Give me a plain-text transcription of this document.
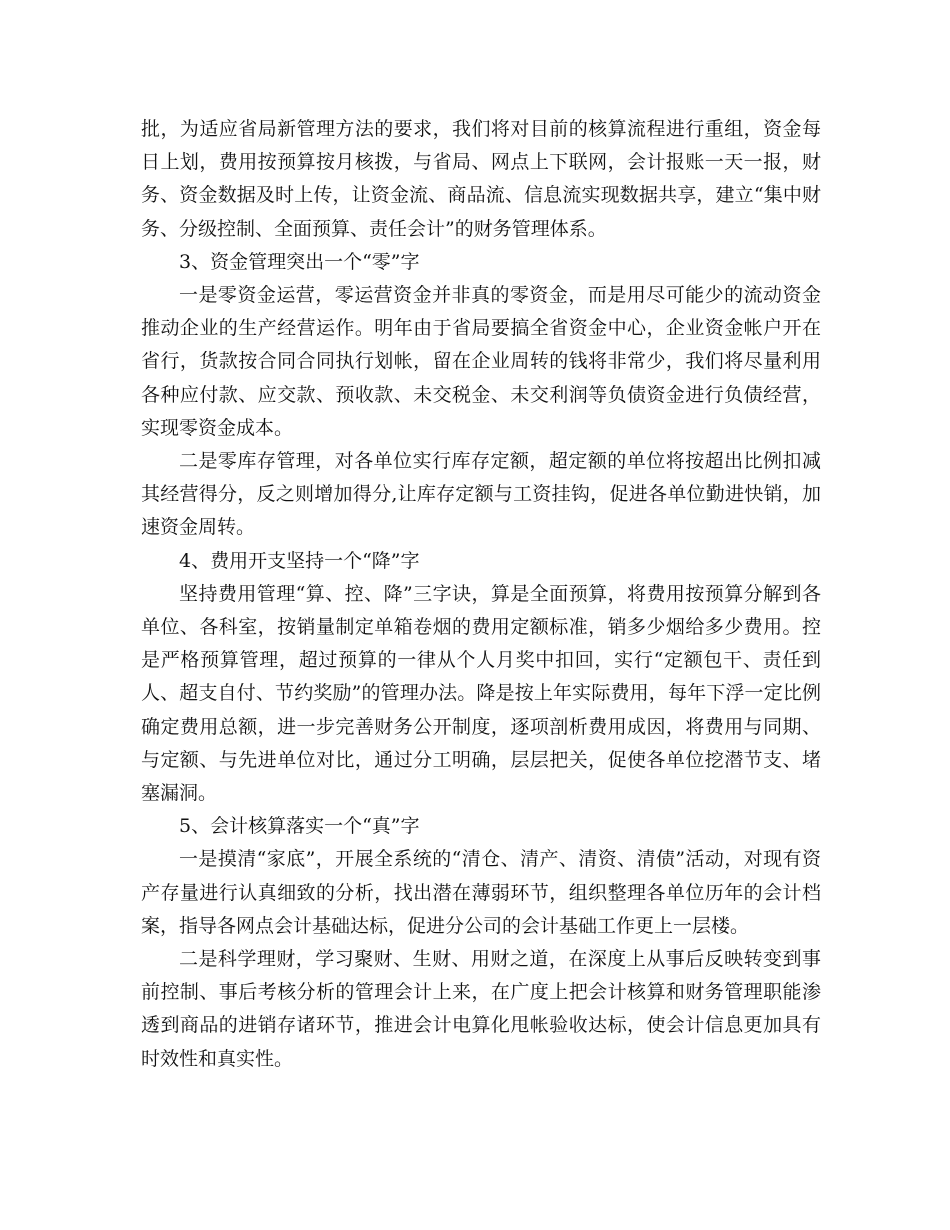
批，为适应省局新管理方法的要求，我们将对目前的核算流程进行重组，资金每日上划，费用按预算按月核拨，与省局、网点上下联网，会计报账一天一报，财务、资金数据及时上传，让资金流、商品流、信息流实现数据共享，建立“集中财务、分级控制、全面预算、责任会计”的财务管理体系。

3、资金管理突出一个“零”字

一是零资金运营，零运营资金并非真的零资金，而是用尽可能少的流动资金推动企业的生产经营运作。明年由于省局要搞全省资金中心，企业资金帐户开在省行，货款按合同合同执行划帐，留在企业周转的钱将非常少，我们将尽量利用各种应付款、应交款、预收款、未交税金、未交利润等负债资金进行负债经营，实现零资金成本。

二是零库存管理，对各单位实行库存定额，超定额的单位将按超出比例扣减其经营得分，反之则增加得分,让库存定额与工资挂钩，促进各单位勤进快销，加速资金周转。

4、费用开支坚持一个“降”字

坚持费用管理“算、控、降”三字诀，算是全面预算，将费用按预算分解到各单位、各科室，按销量制定单箱卷烟的费用定额标准，销多少烟给多少费用。控是严格预算管理，超过预算的一律从个人月奖中扣回，实行“定额包干、责任到人、超支自付、节约奖励”的管理办法。降是按上年实际费用，每年下浮一定比例确定费用总额，进一步完善财务公开制度，逐项剖析费用成因，将费用与同期、与定额、与先进单位对比，通过分工明确，层层把关，促使各单位挖潜节支、堵塞漏洞。

5、会计核算落实一个“真”字

一是摸清“家底”，开展全系统的“清仓、清产、清资、清债”活动，对现有资产存量进行认真细致的分析，找出潜在薄弱环节，组织整理各单位历年的会计档案，指导各网点会计基础达标，促进分公司的会计基础工作更上一层楼。

二是科学理财，学习聚财、生财、用财之道，在深度上从事后反映转变到事前控制、事后考核分析的管理会计上来，在广度上把会计核算和财务管理职能渗透到商品的进销存诸环节，推进会计电算化甩帐验收达标，使会计信息更加具有时效性和真实性。
